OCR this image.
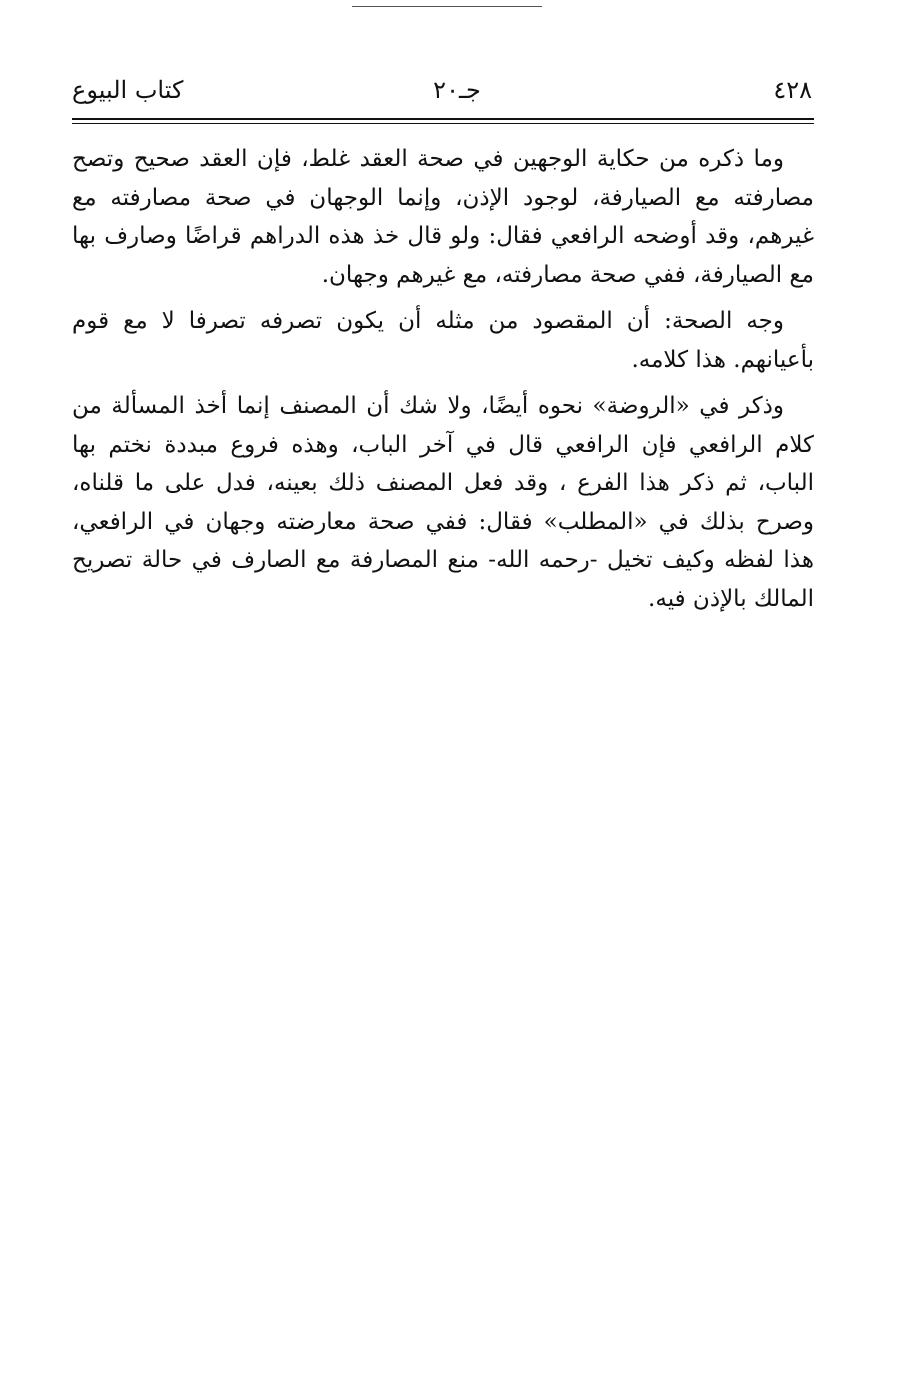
٤٢٨
جـ٢٠
كتاب البيوع

وما ذكره من حكاية الوجهين في صحة العقد غلط، فإن العقد صحيح وتصح مصارفته مع الصيارفة، لوجود الإذن، وإنما الوجهان في صحة مصارفته مع غيرهم، وقد أوضحه الرافعي فقال: ولو قال خذ هذه الدراهم قراضًا وصارف بها مع الصيارفة، ففي صحة مصارفته، مع غيرهم وجهان.

وجه الصحة: أن المقصود من مثله أن يكون تصرفه تصرفا لا مع قوم بأعيانهم. هذا كلامه.

وذكر في «الروضة» نحوه أيضًا، ولا شك أن المصنف إنما أخذ المسألة من كلام الرافعي فإن الرافعي قال في آخر الباب، وهذه فروع مبددة نختم بها الباب، ثم ذكر هذا الفرع ، وقد فعل المصنف ذلك بعينه، فدل على ما قلناه، وصرح بذلك في «المطلب» فقال: ففي صحة معارضته وجهان في الرافعي، هذا لفظه وكيف تخيل -رحمه الله- منع المصارفة مع الصارف في حالة تصريح المالك بالإذن فيه.
